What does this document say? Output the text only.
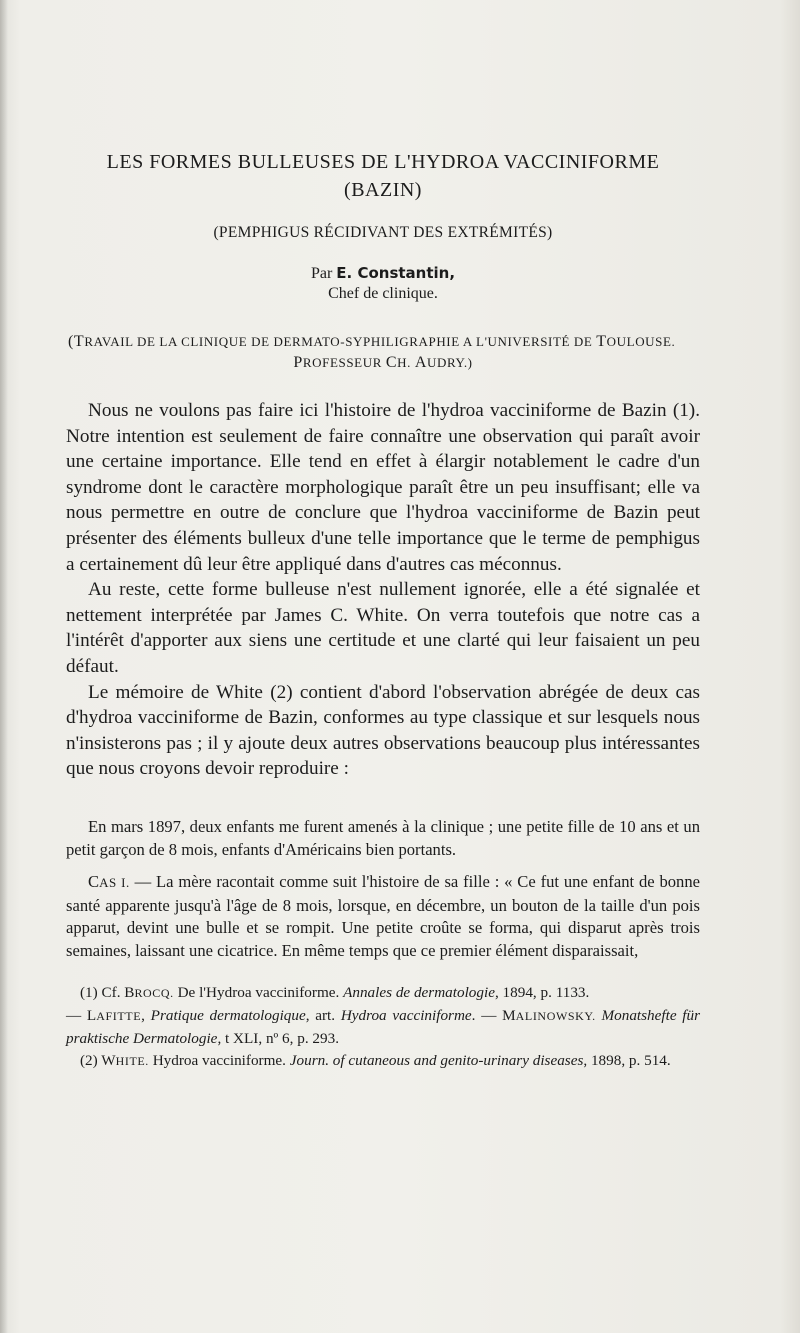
LES FORMES BULLEUSES DE L'HYDROA VACCINIFORME
(BAZIN)
(PEMPHIGUS RÉCIDIVANT DES EXTRÉMITÉS)
Par E. Constantin,
Chef de clinique.
(TRAVAIL DE LA CLINIQUE DE DERMATO-SYPHILIGRAPHIE A L'UNIVERSITÉ DE TOULOUSE.
PROFESSEUR CH. AUDRY.)

Nous ne voulons pas faire ici l'histoire de l'hydroa vacciniforme de Bazin (1). Notre intention est seulement de faire connaître une observation qui paraît avoir une certaine importance. Elle tend en effet à élargir notablement le cadre d'un syndrome dont le caractère morphologique paraît être un peu insuffisant; elle va nous permettre en outre de conclure que l'hydroa vacciniforme de Bazin peut présenter des éléments bulleux d'une telle importance que le terme de pemphigus a certainement dû leur être appliqué dans d'autres cas méconnus.

Au reste, cette forme bulleuse n'est nullement ignorée, elle a été signalée et nettement interprétée par James C. White. On verra toutefois que notre cas a l'intérêt d'apporter aux siens une certitude et une clarté qui leur faisaient un peu défaut.

Le mémoire de White (2) contient d'abord l'observation abrégée de deux cas d'hydroa vacciniforme de Bazin, conformes au type classique et sur lesquels nous n'insisterons pas ; il y ajoute deux autres observations beaucoup plus intéressantes que nous croyons devoir reproduire :

En mars 1897, deux enfants me furent amenés à la clinique ; une petite fille de 10 ans et un petit garçon de 8 mois, enfants d'Américains bien portants.

CAS I. — La mère racontait comme suit l'histoire de sa fille : « Ce fut une enfant de bonne santé apparente jusqu'à l'âge de 8 mois, lorsque, en décembre, un bouton de la taille d'un pois apparut, devint une bulle et se rompit. Une petite croûte se forma, qui disparut après trois semaines, laissant une cicatrice. En même temps que ce premier élément disparaissait,

(1) Cf. BROCQ. De l'Hydroa vacciniforme. Annales de dermatologie, 1894, p. 1133.
— LAFITTE, Pratique dermatologique, art. Hydroa vacciniforme. — MALINOWSKY. Monatshefte für praktische Dermatologie, t XLI, nº 6, p. 293.
(2) WHITE. Hydroa vacciniforme. Journ. of cutaneous and genito-urinary diseases, 1898, p. 514.
